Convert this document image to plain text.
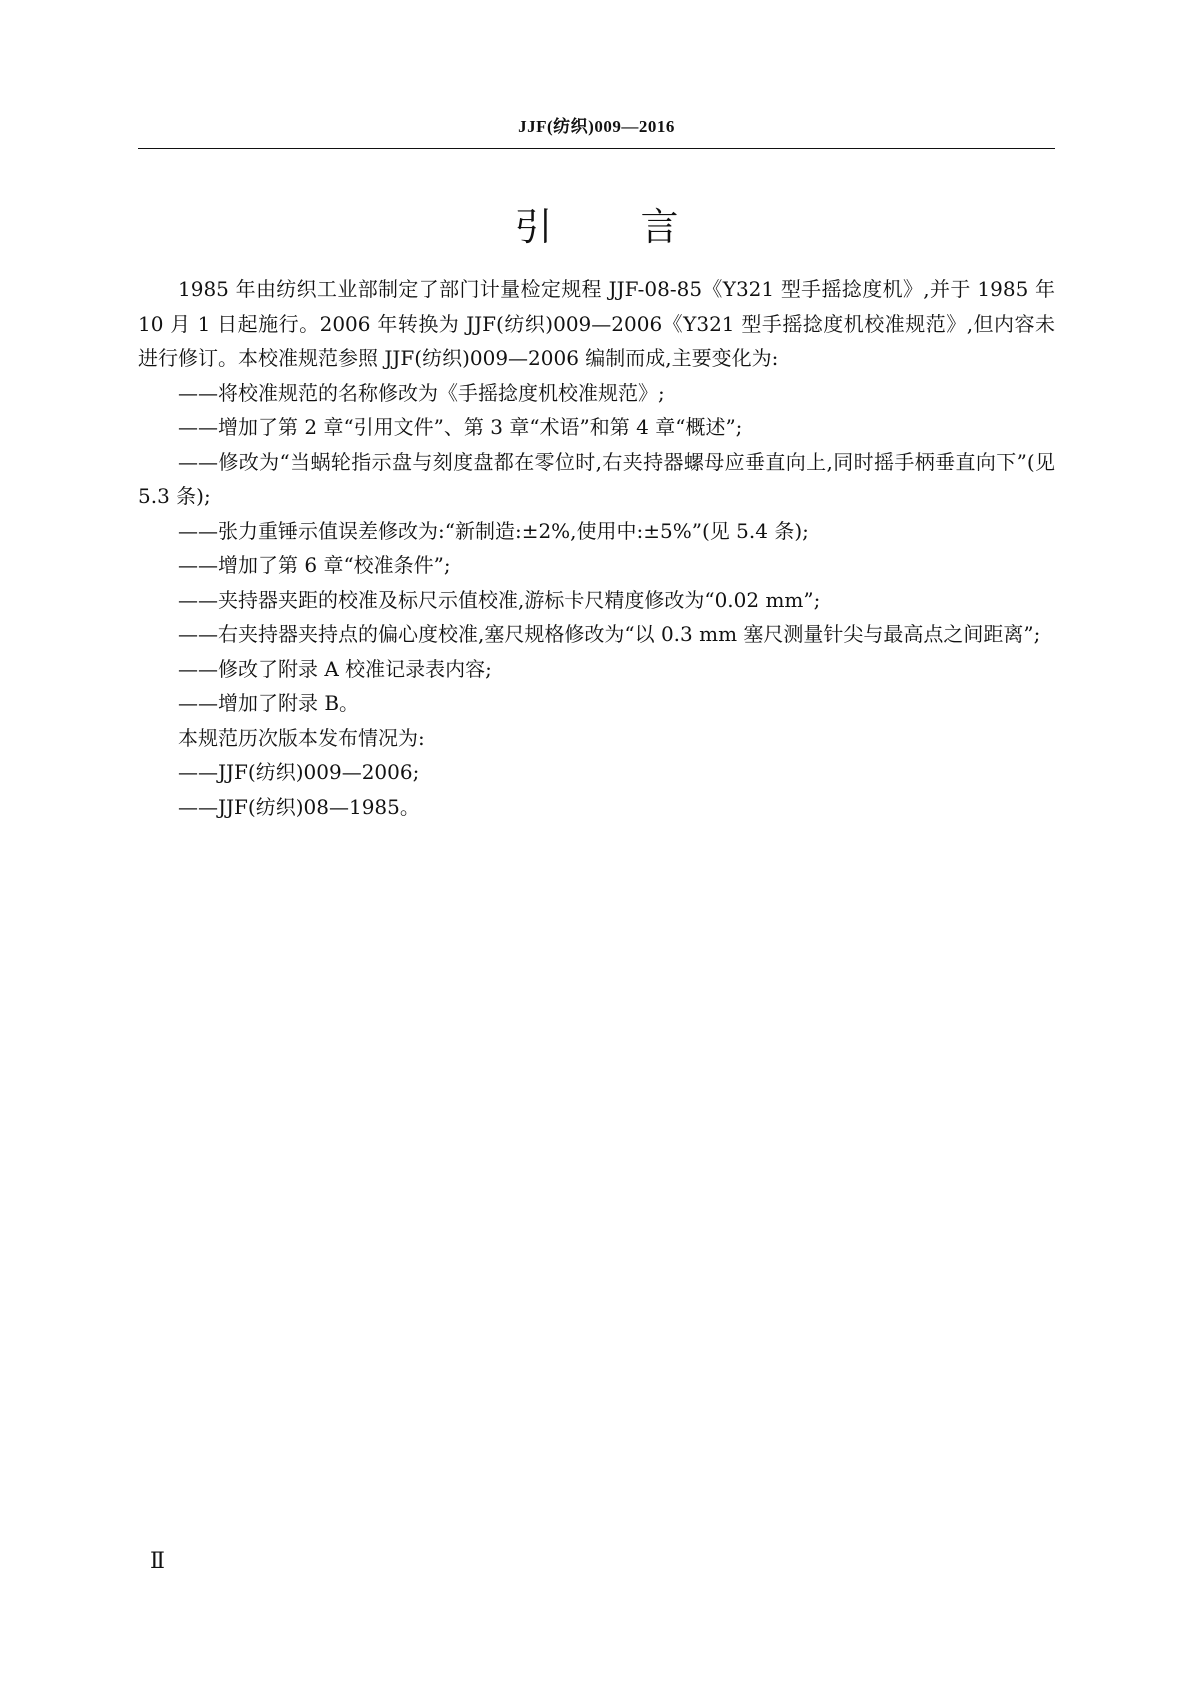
JJF(纺织)009—2016
引言

1985 年由纺织工业部制定了部门计量检定规程 JJF-08-85《Y321 型手摇捻度机》,并于 1985 年 10 月 1 日起施行。2006 年转换为 JJF(纺织)009—2006《Y321 型手摇捻度机校准规范》,但内容未进行修订。本校准规范参照 JJF(纺织)009—2006 编制而成,主要变化为:

——将校准规范的名称修改为《手摇捻度机校准规范》;

——增加了第 2 章“引用文件”、第 3 章“术语”和第 4 章“概述”;

——修改为“当蜗轮指示盘与刻度盘都在零位时,右夹持器螺母应垂直向上,同时摇手柄垂直向下”(见 5.3 条);

——张力重锤示值误差修改为:“新制造:±2%,使用中:±5%”(见 5.4 条);

——增加了第 6 章“校准条件”;

——夹持器夹距的校准及标尺示值校准,游标卡尺精度修改为“0.02 mm”;

——右夹持器夹持点的偏心度校准,塞尺规格修改为“以 0.3 mm 塞尺测量针尖与最高点之间距离”;

——修改了附录 A 校准记录表内容;

——增加了附录 B。

本规范历次版本发布情况为:

——JJF(纺织)009—2006;

——JJF(纺织)08—1985。

Ⅱ
